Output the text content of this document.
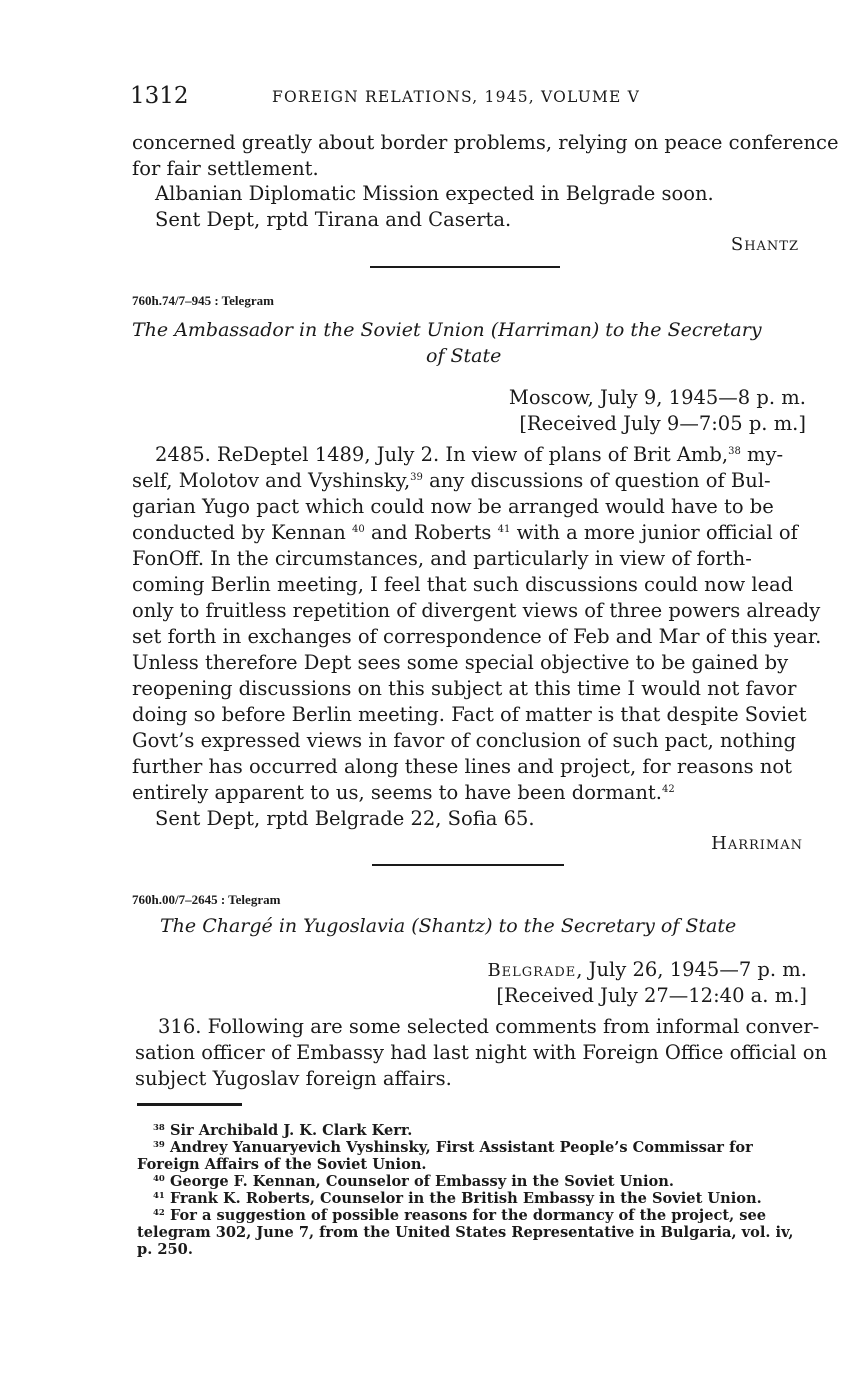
1312	FOREIGN RELATIONS, 1945, VOLUME V
concerned greatly about border problems, relying on peace conference
for fair settlement.
Albanian Diplomatic Mission expected in Belgrade soon.
Sent Dept, rptd Tirana and Caserta.
Shantz
760h.74/7–945 : Telegram
The Ambassador in the Soviet Union (Harriman) to the Secretary
of State
Moscow, July 9, 1945—8 p. m.
[Received July 9—7:05 p. m.]
2485. ReDeptel 1489, July 2. In view of plans of Brit Amb,$^{38}$ my-
self, Molotov and Vyshinsky,$^{39}$ any discussions of question of Bul-
garian Yugo pact which could now be arranged would have to be
conducted by Kennan $^{40}$ and Roberts $^{41}$ with a more junior official of
FonOff. In the circumstances, and particularly in view of forth-
coming Berlin meeting, I feel that such discussions could now lead
only to fruitless repetition of divergent views of three powers already
set forth in exchanges of correspondence of Feb and Mar of this year.
Unless therefore Dept sees some special objective to be gained by
reopening discussions on this subject at this time I would not favor
doing so before Berlin meeting. Fact of matter is that despite Soviet
Govt’s expressed views in favor of conclusion of such pact, nothing
further has occurred along these lines and project, for reasons not
entirely apparent to us, seems to have been dormant.$^{42}$
Sent Dept, rptd Belgrade 22, Sofia 65.
Harriman
760h.00/7–2645 : Telegram
The Chargé in Yugoslavia (Shantz) to the Secretary of State
Belgrade, July 26, 1945—7 p. m.
[Received July 27—12:40 a. m.]
316. Following are some selected comments from informal conver-
sation officer of Embassy had last night with Foreign Office official on
subject Yugoslav foreign affairs.
$^{38}$ Sir Archibald J. K. Clark Kerr.
$^{39}$ Andrey Yanuaryevich Vyshinsky, First Assistant People’s Commissar for
Foreign Affairs of the Soviet Union.
$^{40}$ George F. Kennan, Counselor of Embassy in the Soviet Union.
$^{41}$ Frank K. Roberts, Counselor in the British Embassy in the Soviet Union.
$^{42}$ For a suggestion of possible reasons for the dormancy of the project, see
telegram 302, June 7, from the United States Representative in Bulgaria, vol. iv,
p. 250.
